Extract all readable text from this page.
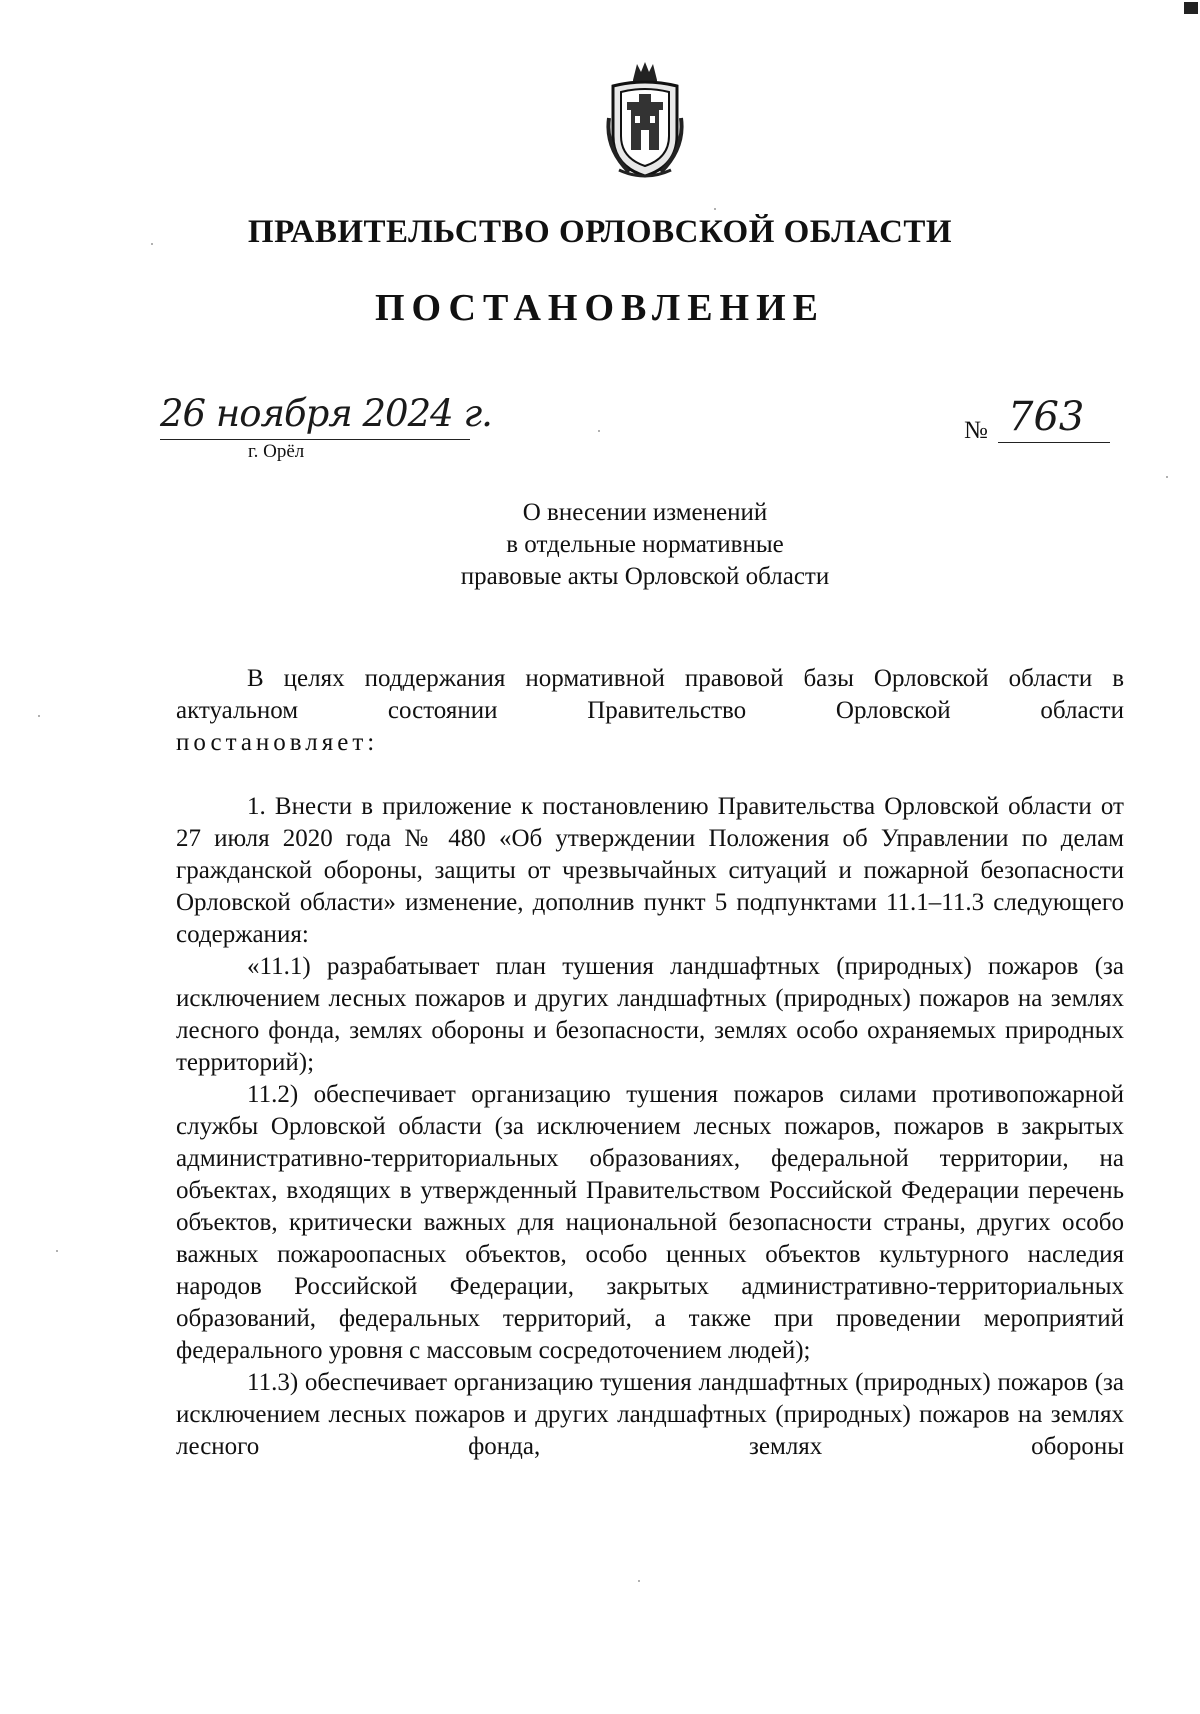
ПРАВИТЕЛЬСТВО ОРЛОВСКОЙ ОБЛАСТИ
ПОСТАНОВЛЕНИЕ
26 ноября 2024 г.
г. Орёл
№ 763
О внесении изменений
в отдельные нормативные
правовые акты Орловской области

В целях поддержания нормативной правовой базы Орловской области в актуальном состоянии Правительство Орловской области

постановляет:

1. Внести в приложение к постановлению Правительства Орловской области от 27 июля 2020 года № 480 «Об утверждении Положения об Управлении по делам гражданской обороны, защиты от чрезвычайных ситуаций и пожарной безопасности Орловской области» изменение, дополнив пункт 5 подпунктами 11.1–11.3 следующего содержания:

«11.1) разрабатывает план тушения ландшафтных (природных) пожаров (за исключением лесных пожаров и других ландшафтных (природных) пожаров на землях лесного фонда, землях обороны и безопасности, землях особо охраняемых природных территорий);

11.2) обеспечивает организацию тушения пожаров силами противопожарной службы Орловской области (за исключением лесных пожаров, пожаров в закрытых административно-территориальных образованиях, федеральной территории, на объектах, входящих в утвержденный Правительством Российской Федерации перечень объектов, критически важных для национальной безопасности страны, других особо важных пожароопасных объектов, особо ценных объектов культурного наследия народов Российской Федерации, закрытых административно-территориальных образований, федеральных территорий, а также при проведении мероприятий федерального уровня с массовым сосредоточением людей);

11.3) обеспечивает организацию тушения ландшафтных (природных) пожаров (за исключением лесных пожаров и других ландшафтных (природных) пожаров на землях лесного фонда, землях обороны
